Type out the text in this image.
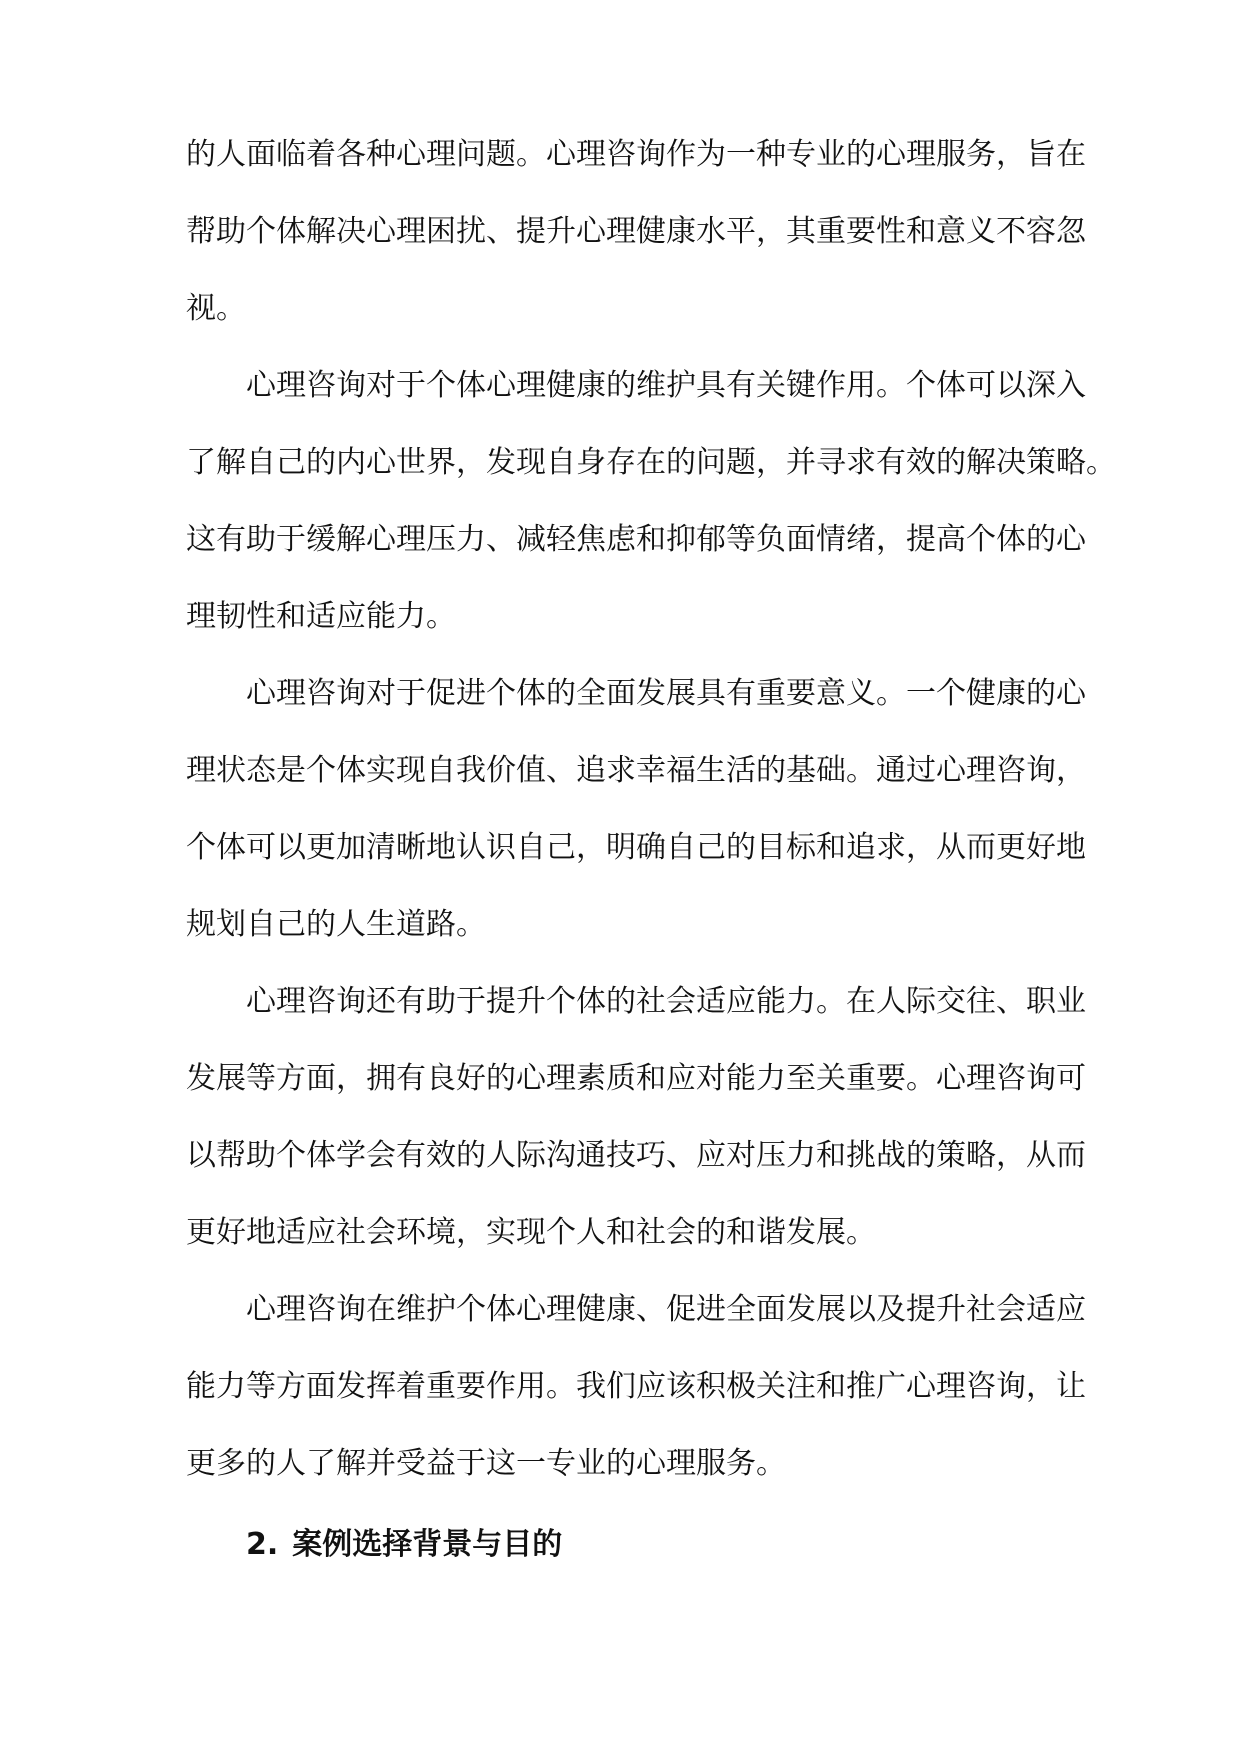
的人面临着各种心理问题。心理咨询作为一种专业的心理服务，旨在
帮助个体解决心理困扰、提升心理健康水平，其重要性和意义不容忽
视。
心理咨询对于个体心理健康的维护具有关键作用。个体可以深入
了解自己的内心世界，发现自身存在的问题，并寻求有效的解决策略。
这有助于缓解心理压力、减轻焦虑和抑郁等负面情绪，提高个体的心
理韧性和适应能力。
心理咨询对于促进个体的全面发展具有重要意义。一个健康的心
理状态是个体实现自我价值、追求幸福生活的基础。通过心理咨询，
个体可以更加清晰地认识自己，明确自己的目标和追求，从而更好地
规划自己的人生道路。
心理咨询还有助于提升个体的社会适应能力。在人际交往、职业
发展等方面，拥有良好的心理素质和应对能力至关重要。心理咨询可
以帮助个体学会有效的人际沟通技巧、应对压力和挑战的策略，从而
更好地适应社会环境，实现个人和社会的和谐发展。
心理咨询在维护个体心理健康、促进全面发展以及提升社会适应
能力等方面发挥着重要作用。我们应该积极关注和推广心理咨询，让
更多的人了解并受益于这一专业的心理服务。
2. 案例选择背景与目的
